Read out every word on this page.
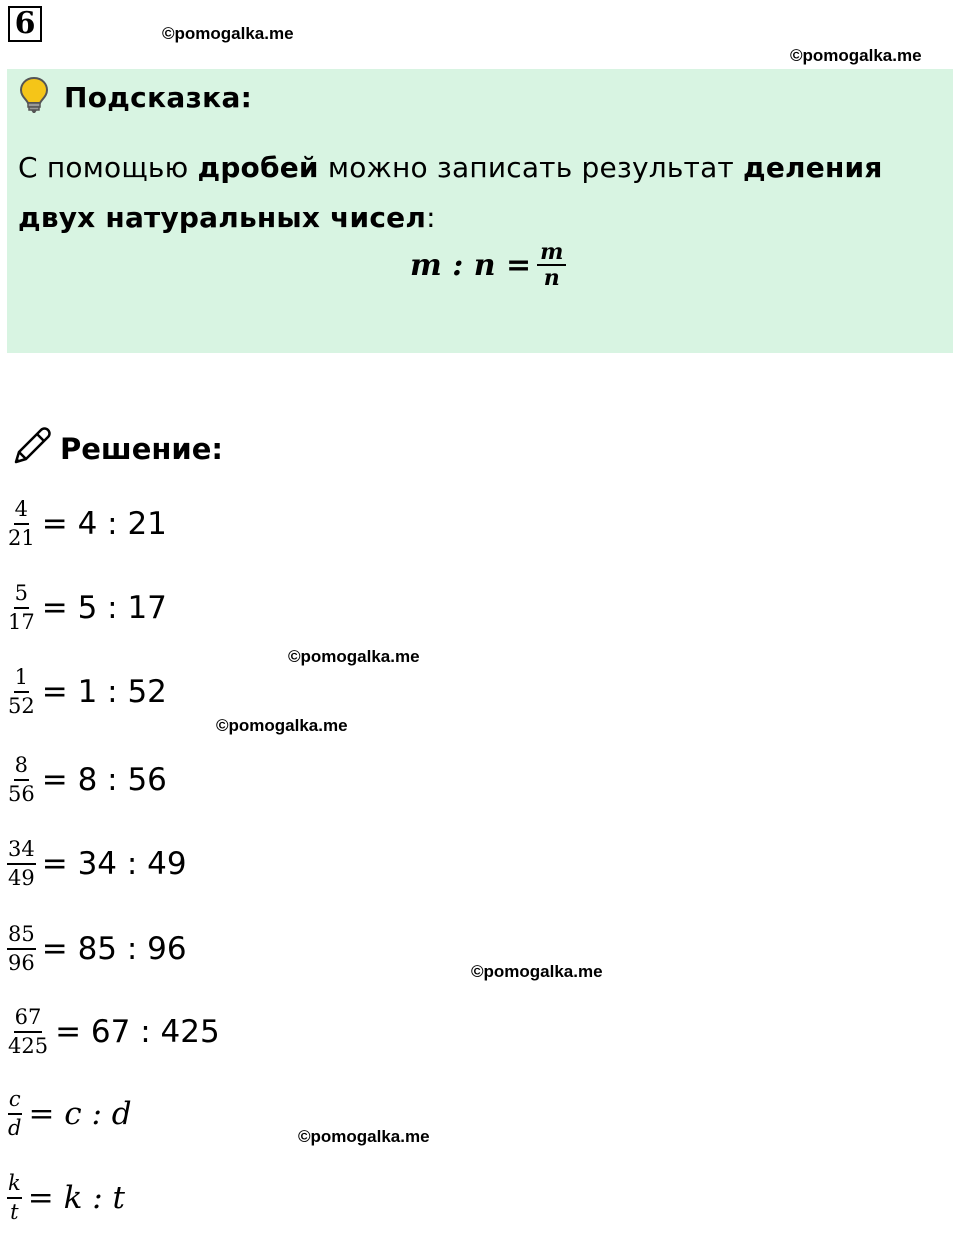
6	©pomogalka.me
©pomogalka.me
Подсказка:
С помощью дробей можно записать результат деления двух натуральных чисел:
m : $n = \frac{m}{n}$
Решение:
$\frac{4}{21} = 4$ : 21
$\frac{5}{17} = 5$ : 17
$\frac{1}{52} = 1$ : 52
$\frac{8}{56} = 8$ : 56
$\frac{34}{49} = 34$ : 49
$\frac{85}{96} = 85$ : 96
$\frac{67}{425} = 67$ : 425
$\frac{c}{d} = c$ : d
$\frac{k}{t} = k$ : t
©pomogalka.me
©pomogalka.me
©pomogalka.me
©pomogalka.me
